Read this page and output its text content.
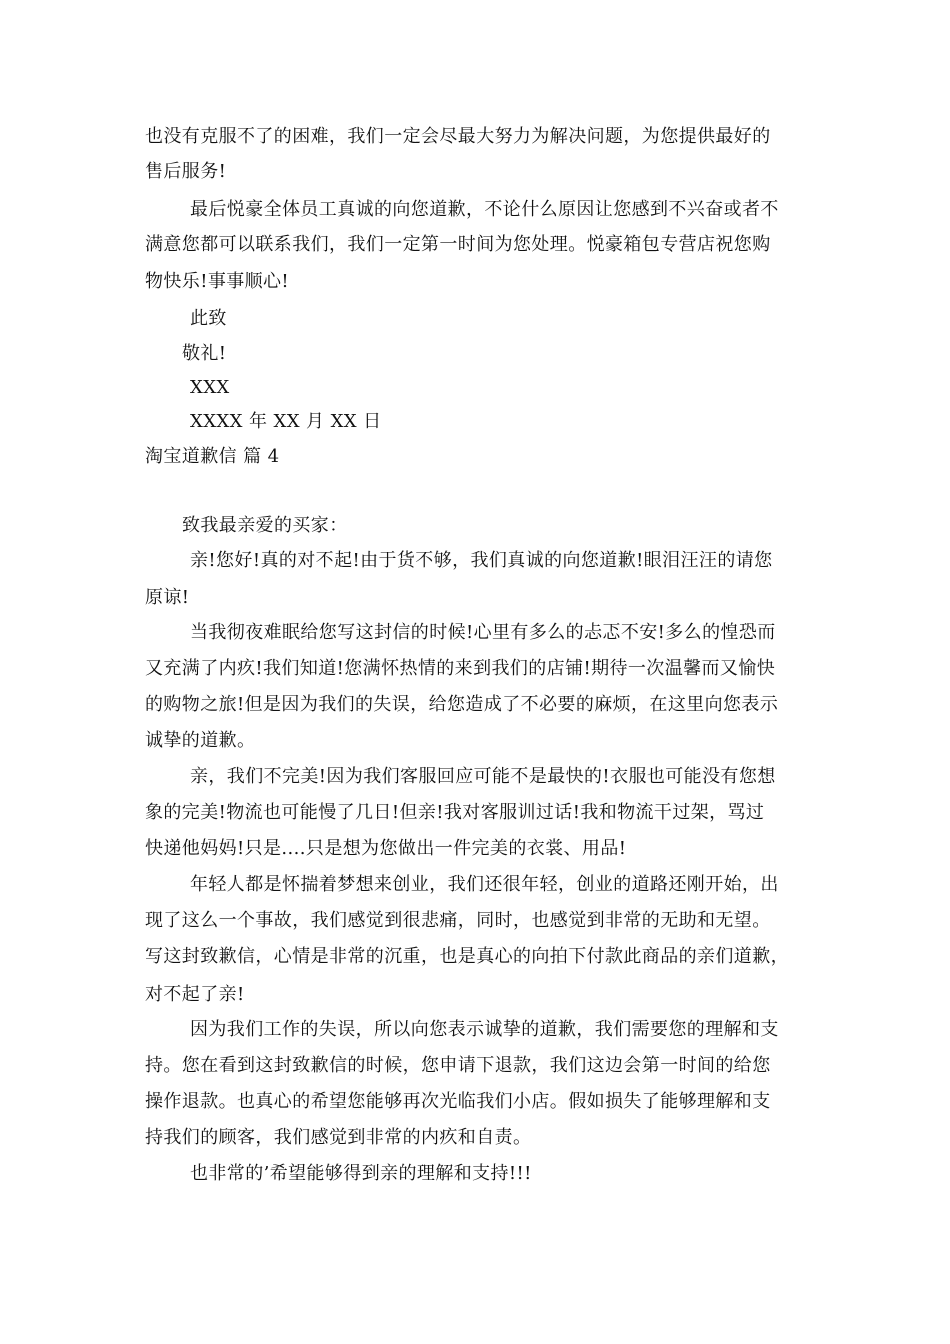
也没有克服不了的困难，我们一定会尽最大努力为解决问题，为您提供最好的
售后服务!
最后悦豪全体员工真诚的向您道歉，不论什么原因让您感到不兴奋或者不
满意您都可以联系我们，我们一定第一时间为您处理。悦豪箱包专营店祝您购
物快乐!事事顺心!
此致
敬礼!
XXX
XXXX 年 XX 月 XX 日
淘宝道歉信 篇 4
致我最亲爱的买家：
亲!您好!真的对不起!由于货不够，我们真诚的向您道歉!眼泪汪汪的请您
原谅!
当我彻夜难眠给您写这封信的时候!心里有多么的忐忑不安!多么的惶恐而
又充满了内疚!我们知道!您满怀热情的来到我们的店铺!期待一次温馨而又愉快
的购物之旅!但是因为我们的失误，给您造成了不必要的麻烦，在这里向您表示
诚挚的道歉。
亲，我们不完美!因为我们客服回应可能不是最快的!衣服也可能没有您想
象的完美!物流也可能慢了几日!但亲!我对客服训过话!我和物流干过架，骂过
快递他妈妈!只是....只是想为您做出一件完美的衣裳、用品!
年轻人都是怀揣着梦想来创业，我们还很年轻，创业的道路还刚开始，出
现了这么一个事故，我们感觉到很悲痛，同时，也感觉到非常的无助和无望。
写这封致歉信，心情是非常的沉重，也是真心的向拍下付款此商品的亲们道歉，
对不起了亲!
因为我们工作的失误，所以向您表示诚挚的道歉，我们需要您的理解和支
持。您在看到这封致歉信的时候，您申请下退款，我们这边会第一时间的给您
操作退款。也真心的希望您能够再次光临我们小店。假如损失了能够理解和支
持我们的顾客，我们感觉到非常的内疚和自责。
也非常的’希望能够得到亲的理解和支持!!!
